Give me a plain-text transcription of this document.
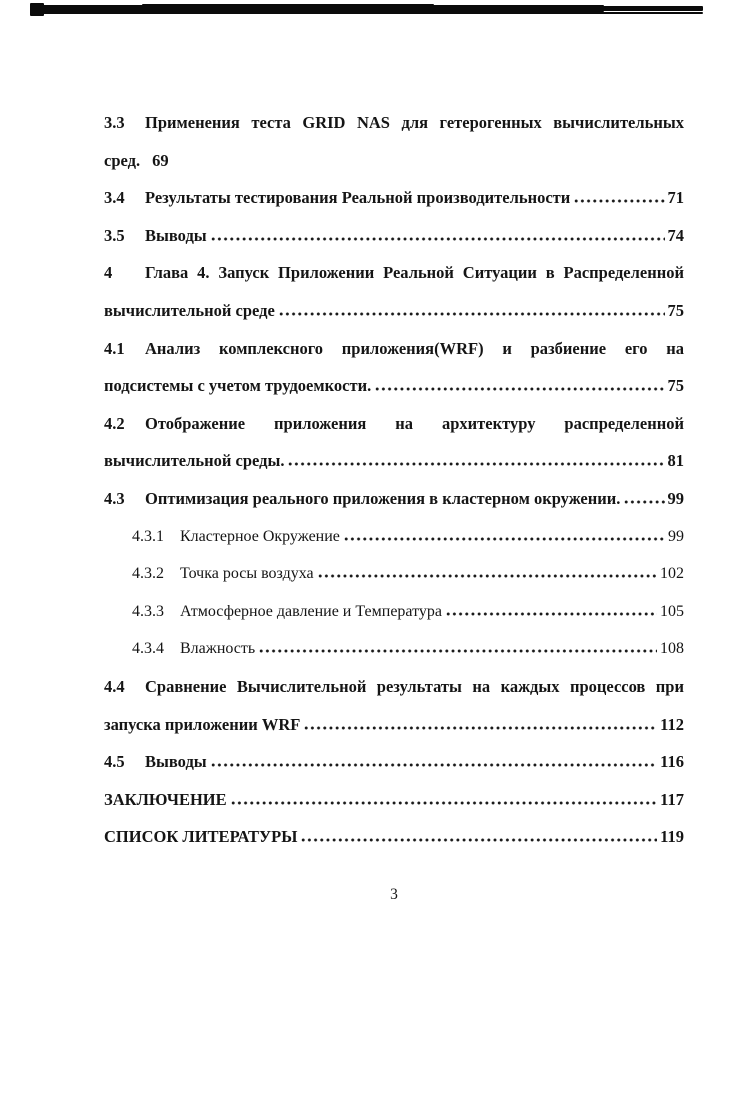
3.3 Применения теста GRID NAS для гетерогенных вычислительных
сред. 69
3.4	Результаты тестирования Реальной производительности	71
3.5	Выводы	74
4 Глава 4. Запуск Приложении Реальной Ситуации в Распределенной
вычислительной среде	75
4.1 Анализ комплексного приложения(WRF) и разбиение его на
подсистемы с учетом трудоемкости.	75
4.2 Отображение приложения на архитектуру распределенной
вычислительной среды.	81
4.3	Оптимизация реального приложения в кластерном окружении.	99
4.3.1	Кластерное Окружение	99
4.3.2	Точка росы воздуха	102
4.3.3	Атмосферное давление и Температура	105
4.3.4	Влажность	108
4.4 Сравнение Вычислительной результаты на каждых процессов при
запуска приложении WRF	112
4.5	Выводы	116
ЗАКЛЮЧЕНИЕ	117
СПИСОК ЛИТЕРАТУРЫ	119
3
